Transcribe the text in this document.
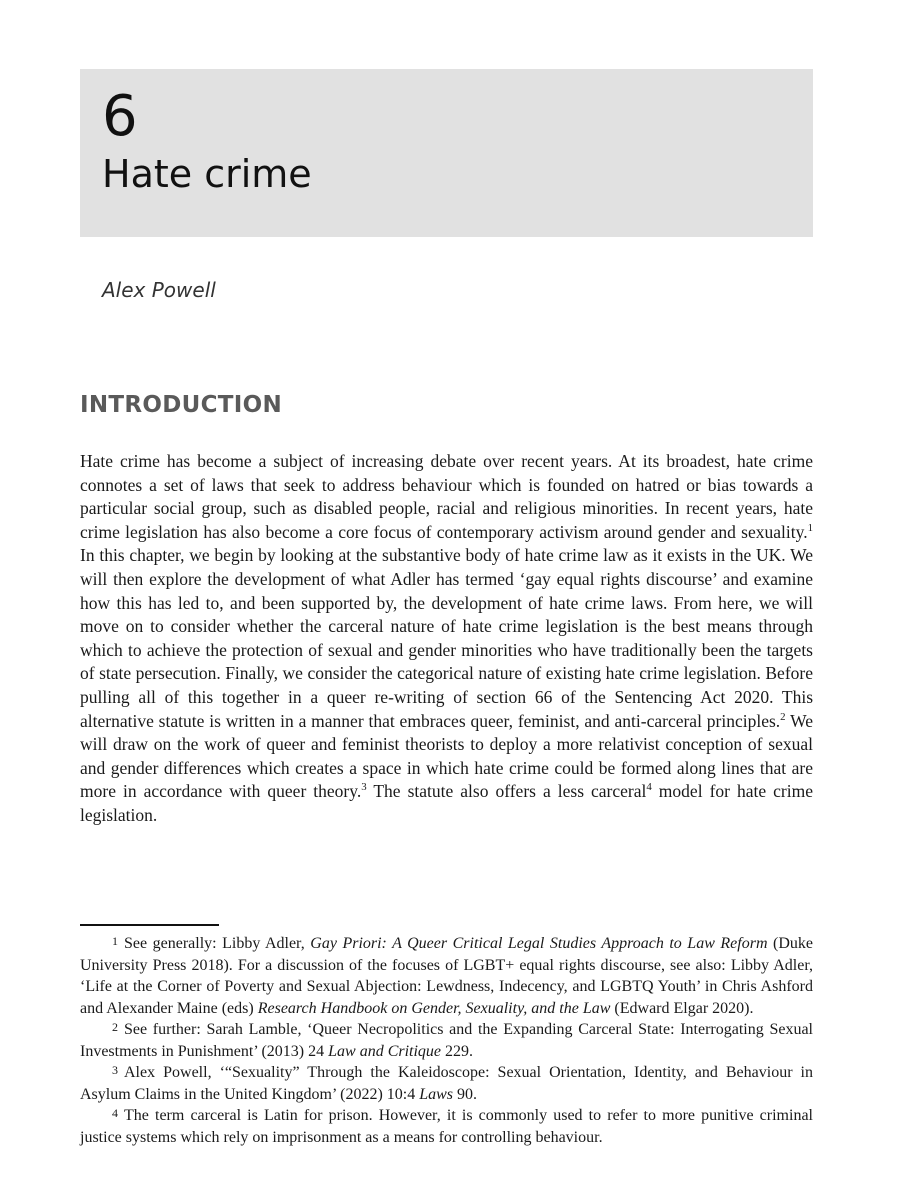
6
Hate crime
Alex Powell
INTRODUCTION

Hate crime has become a subject of increasing debate over recent years. At its broadest, hate crime connotes a set of laws that seek to address behaviour which is founded on hatred or bias towards a particular social group, such as disabled people, racial and religious minorities. In recent years, hate crime legislation has also become a core focus of contemporary activism around gender and sexuality.$^1$ In this chapter, we begin by looking at the substantive body of hate crime law as it exists in the UK. We will then explore the development of what Adler has termed ‘gay equal rights discourse’ and examine how this has led to, and been supported by, the development of hate crime laws. From here, we will move on to consider whether the carceral nature of hate crime legislation is the best means through which to achieve the protection of sexual and gender minorities who have traditionally been the targets of state persecution. Finally, we consider the categorical nature of existing hate crime legislation. Before pulling all of this together in a queer re-writing of section 66 of the Sentencing Act 2020. This alternative statute is written in a manner that embraces queer, feminist, and anti-carceral principles.$^2$ We will draw on the work of queer and feminist theorists to deploy a more relativist conception of sexual and gender differences which creates a space in which hate crime could be formed along lines that are more in accordance with queer theory.$^3$ The statute also offers a less carceral$^4$ model for hate crime legislation.

1 See generally: Libby Adler, Gay Priori: A Queer Critical Legal Studies Approach to Law Reform (Duke University Press 2018). For a discussion of the focuses of LGBT+ equal rights discourse, see also: Libby Adler, ‘Life at the Corner of Poverty and Sexual Abjection: Lewdness, Indecency, and LGBTQ Youth’ in Chris Ashford and Alexander Maine (eds) Research Handbook on Gender, Sexuality, and the Law (Edward Elgar 2020).

2 See further: Sarah Lamble, ‘Queer Necropolitics and the Expanding Carceral State: Interrogating Sexual Investments in Punishment’ (2013) 24 Law and Critique 229.

3 Alex Powell, ‘“Sexuality” Through the Kaleidoscope: Sexual Orientation, Identity, and Behaviour in Asylum Claims in the United Kingdom’ (2022) 10:4 Laws 90.

4 The term carceral is Latin for prison. However, it is commonly used to refer to more punitive criminal justice systems which rely on imprisonment as a means for controlling behaviour.
